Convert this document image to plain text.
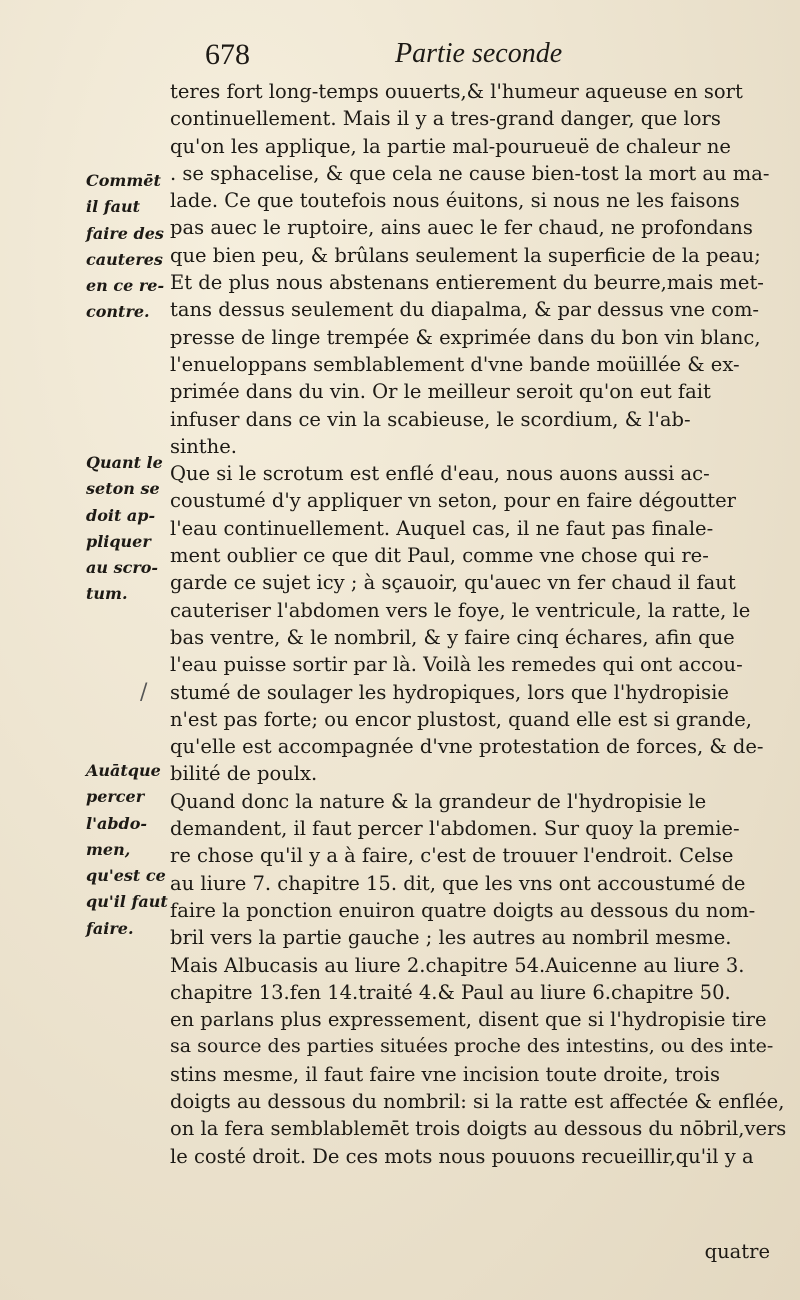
678	Partie seconde
teres fort long-temps ouuerts,& l'humeur aqueuse en sort
continuellement. Mais il y a tres-grand danger, que lors
qu'on les applique, la partie mal-pourueuë de chaleur ne
. se sphacelise, & que cela ne cause bien-tost la mort au ma-
lade. Ce que toutefois nous éuitons, si nous ne les faisons
pas auec le ruptoire, ains auec le fer chaud, ne profondans
que bien peu, & brûlans seulement la superficie de la peau;
Et de plus nous abstenans entierement du beurre,mais met-
tans dessus seulement du diapalma, & par dessus vne com-
presse de linge trempée & exprimée dans du bon vin blanc,
l'enueloppans semblablement d'vne bande moüillée & ex-
primée dans du vin. Or le meilleur seroit qu'on eut fait
infuser dans ce vin la scabieuse, le scordium, & l'ab-
sinthe.
Que si le scrotum est enflé d'eau, nous auons aussi ac-
coustumé d'y appliquer vn seton, pour en faire dégoutter
l'eau continuellement. Auquel cas, il ne faut pas finale-
ment oublier ce que dit Paul, comme vne chose qui re-
garde ce sujet icy ; à sçauoir, qu'auec vn fer chaud il faut
cauteriser l'abdomen vers le foye, le ventricule, la ratte, le
bas ventre, & le nombril, & y faire cinq échares, afin que
l'eau puisse sortir par là. Voilà les remedes qui ont accou-
stumé de soulager les hydropiques, lors que l'hydropisie
n'est pas forte; ou encor plustost, quand elle est si grande,
qu'elle est accompagnée d'vne protestation de forces, & de-
bilité de poulx.
Quand donc la nature & la grandeur de l'hydropisie le
demandent, il faut percer l'abdomen. Sur quoy la premie-
re chose qu'il y a à faire, c'est de trouuer l'endroit. Celse
au liure 7. chapitre 15. dit, que les vns ont accoustumé de
faire la ponction enuiron quatre doigts au dessous du nom-
bril vers la partie gauche ; les autres au nombril mesme.
Mais Albucasis au liure 2.chapitre 54.Auicenne au liure 3.
chapitre 13.fen 14.traité 4.& Paul au liure 6.chapitre 50.
en parlans plus expressement, disent que si l'hydropisie tire
sa source des parties situées proche des intestins, ou des inte-
stins mesme, il faut faire vne incision toute droite, trois
doigts au dessous du nombril: si la ratte est affectée & enflée,
on la fera semblablemēt trois doigts au dessous du nōbril,vers
le costé droit. De ces mots nous pouuons recueillir,qu'il y a
Commēt
il faut
faire des
cauteres
en ce re-
contre.
Quant le
seton se
doit ap-
pliquer
au scro-
tum.
Auātque
percer
l'abdo-
men,
qu'est ce
qu'il faut
faire.
quatre
/
